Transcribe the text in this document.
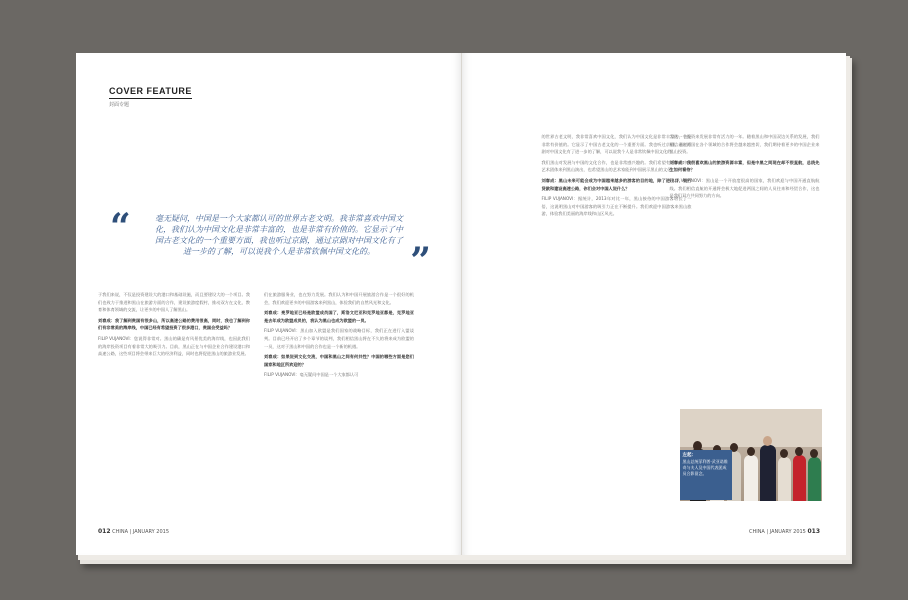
COVER FEATURE
封面专题
“	毫无疑问，中国是一个大家都认可的世界古老文明。我非常喜欢中国文化，我们认为中国文化是非常丰富的，也是非常有价值的。它显示了中国古老文化的一个重要方面，我也听过京剧，通过京剧对中国文化有了进一步的了解，可以说我个人是非常钦佩中国文化的。 ”
于我们来说，不仅是投资建设大的港口和基础设施，而且要建设大的一个项目。我们也致力于推进和黑山在旅游方面的合作，建设旅游度假村，推动双方在文化、教育和体育领域的交流，让更多的中国人了解黑山。
刘春成：我了解到贵国有很多山，所以高速公路的费用很高，同时，我也了解到你们有非常美的海岸线，中国已经有希望投资了很多港口，贵国会受益吗？
FILIP VUJANOVI：您说得非常对。黑山的确是有风景优美的海岸线，也因此我们的海岸投资项目有着非常大的吸引力。目前，黑山正在与中国企业合作建设港口和高速公路，这些项目将会带来巨大的经济利益，同时也将促进黑山的旅游业发展。
们在旅游服务业，也在努力发展。我们认为和中国开展旅游合作是一个很好的机会，我们欢迎更多的中国游客来到黑山，体验我们的自然风光和文化。
刘春成：亮罗地亚已经是欧盟成员国了，斯洛文尼亚和克罗地亚都是，克罗地亚是去年成为欧盟成员的，我认为黑山也成为欧盟的一员。
FILIP VUJANOVI：黑山加入欧盟是我们国家的战略目标，我们正在进行入盟谈判。目前已经开启了多个章节的谈判，我们相信黑山将在不久的将来成为欧盟的一员，这对于黑山和中国的合作也是一个新的机遇。
刘春成：如果说到文化交流，中国和黑山之间有何共性？中国的哪些方面是您们国家和地区所欢迎的？
FILIP VUJANOVI：毫无疑问中国是一个大家都认可
012 CHINA | JANUARY 2015
的世界古老文明，我非常喜欢中国文化，我们认为中国文化是非常丰富的，也是非常有价值的。它显示了中国古老文化的一个重要方面。我也听过京剧，通过京剧对中国文化有了进一步的了解，可以说我个人是非常钦佩中国文化的。
我们黑山对发展与中国的文化合作，也是非常感兴趣的。我们希望有更多的中国艺术团体来到黑山演出，也希望黑山的艺术家能到中国展示黑山的文化。
刘春成：黑山未来可能会成为中国越来越多的游客的目的地，除了进出口、银行贷款和建设高速公路，你们会对中国人说什么？
FILIP VUJANOVI：据统计，2013年对比一年，黑山接待的中国游客增长了一倍，这说明黑山对中国游客的吸引力正在不断提升。我们欢迎中国游客来黑山旅游，体验我们美丽的海岸线和山区风光。
为这一个投资来发展非常有活力的一年。随着黑山和中国双边关系的发展，我们相信未来两国在各个领域的合作将会越来越密切，我们期待着更多的中国企业来黑山投资。
刘春成：我很喜欢黑山的旅游资源丰富，但是中黑之间现在却不很直航，总统先生如何看待？
FILIP VUJANOVI：黑山是一个开放度很高的国家，我们欢迎与中国开通直航航线。我们相信直航的开通将会极大地促进两国之间的人员往来和经贸合作，这也是我们双方共同努力的方向。
左起：
黑山总统菲利普·武亚诺维奇与夫人及中国代表团成员合影留念。
CHINA | JANUARY 2015 013
